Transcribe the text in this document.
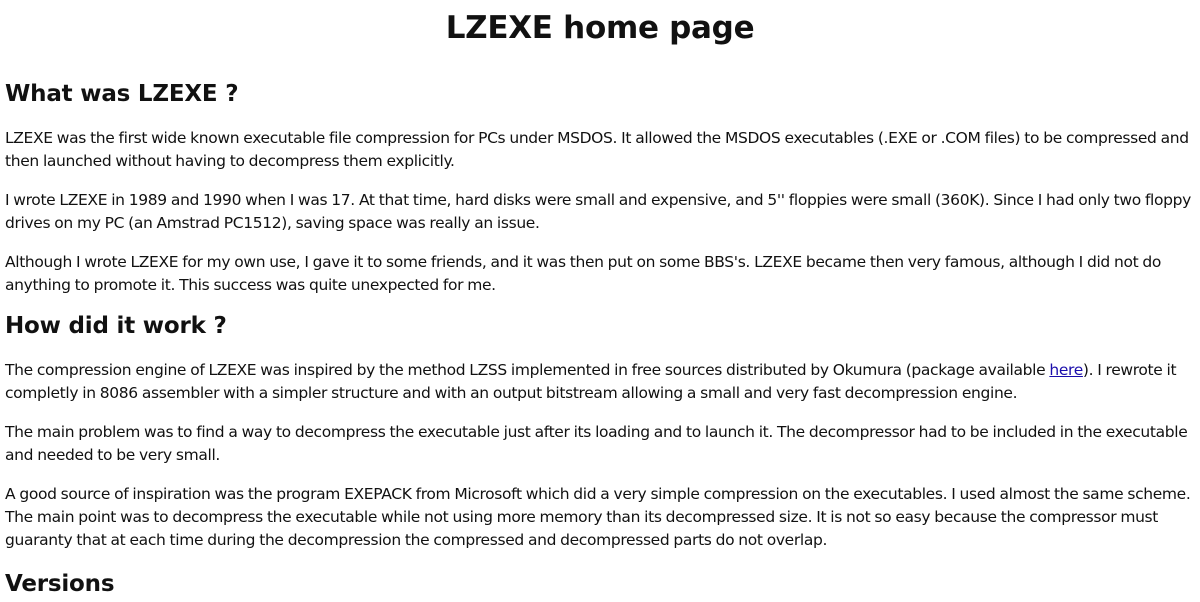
LZEXE home page
What was LZEXE ?

LZEXE was the first wide known executable file compression for PCs under MSDOS. It allowed the MSDOS executables (.EXE or .COM files) to be compressed and then launched without having to decompress them explicitly.

I wrote LZEXE in 1989 and 1990 when I was 17. At that time, hard disks were small and expensive, and 5'' floppies were small (360K). Since I had only two floppy drives on my PC (an Amstrad PC1512), saving space was really an issue.

Although I wrote LZEXE for my own use, I gave it to some friends, and it was then put on some BBS's. LZEXE became then very famous, although I did not do anything to promote it. This success was quite unexpected for me.

How did it work ?

The compression engine of LZEXE was inspired by the method LZSS implemented in free sources distributed by Okumura (package available here). I rewrote it completly in 8086 assembler with a simpler structure and with an output bitstream allowing a small and very fast decompression engine.

The main problem was to find a way to decompress the executable just after its loading and to launch it. The decompressor had to be included in the executable and needed to be very small.

A good source of inspiration was the program EXEPACK from Microsoft which did a very simple compression on the executables. I used almost the same scheme. The main point was to decompress the executable while not using more memory than its decompressed size. It is not so easy because the compressor must guaranty that at each time during the decompression the compressed and decompressed parts do not overlap.

Versions
